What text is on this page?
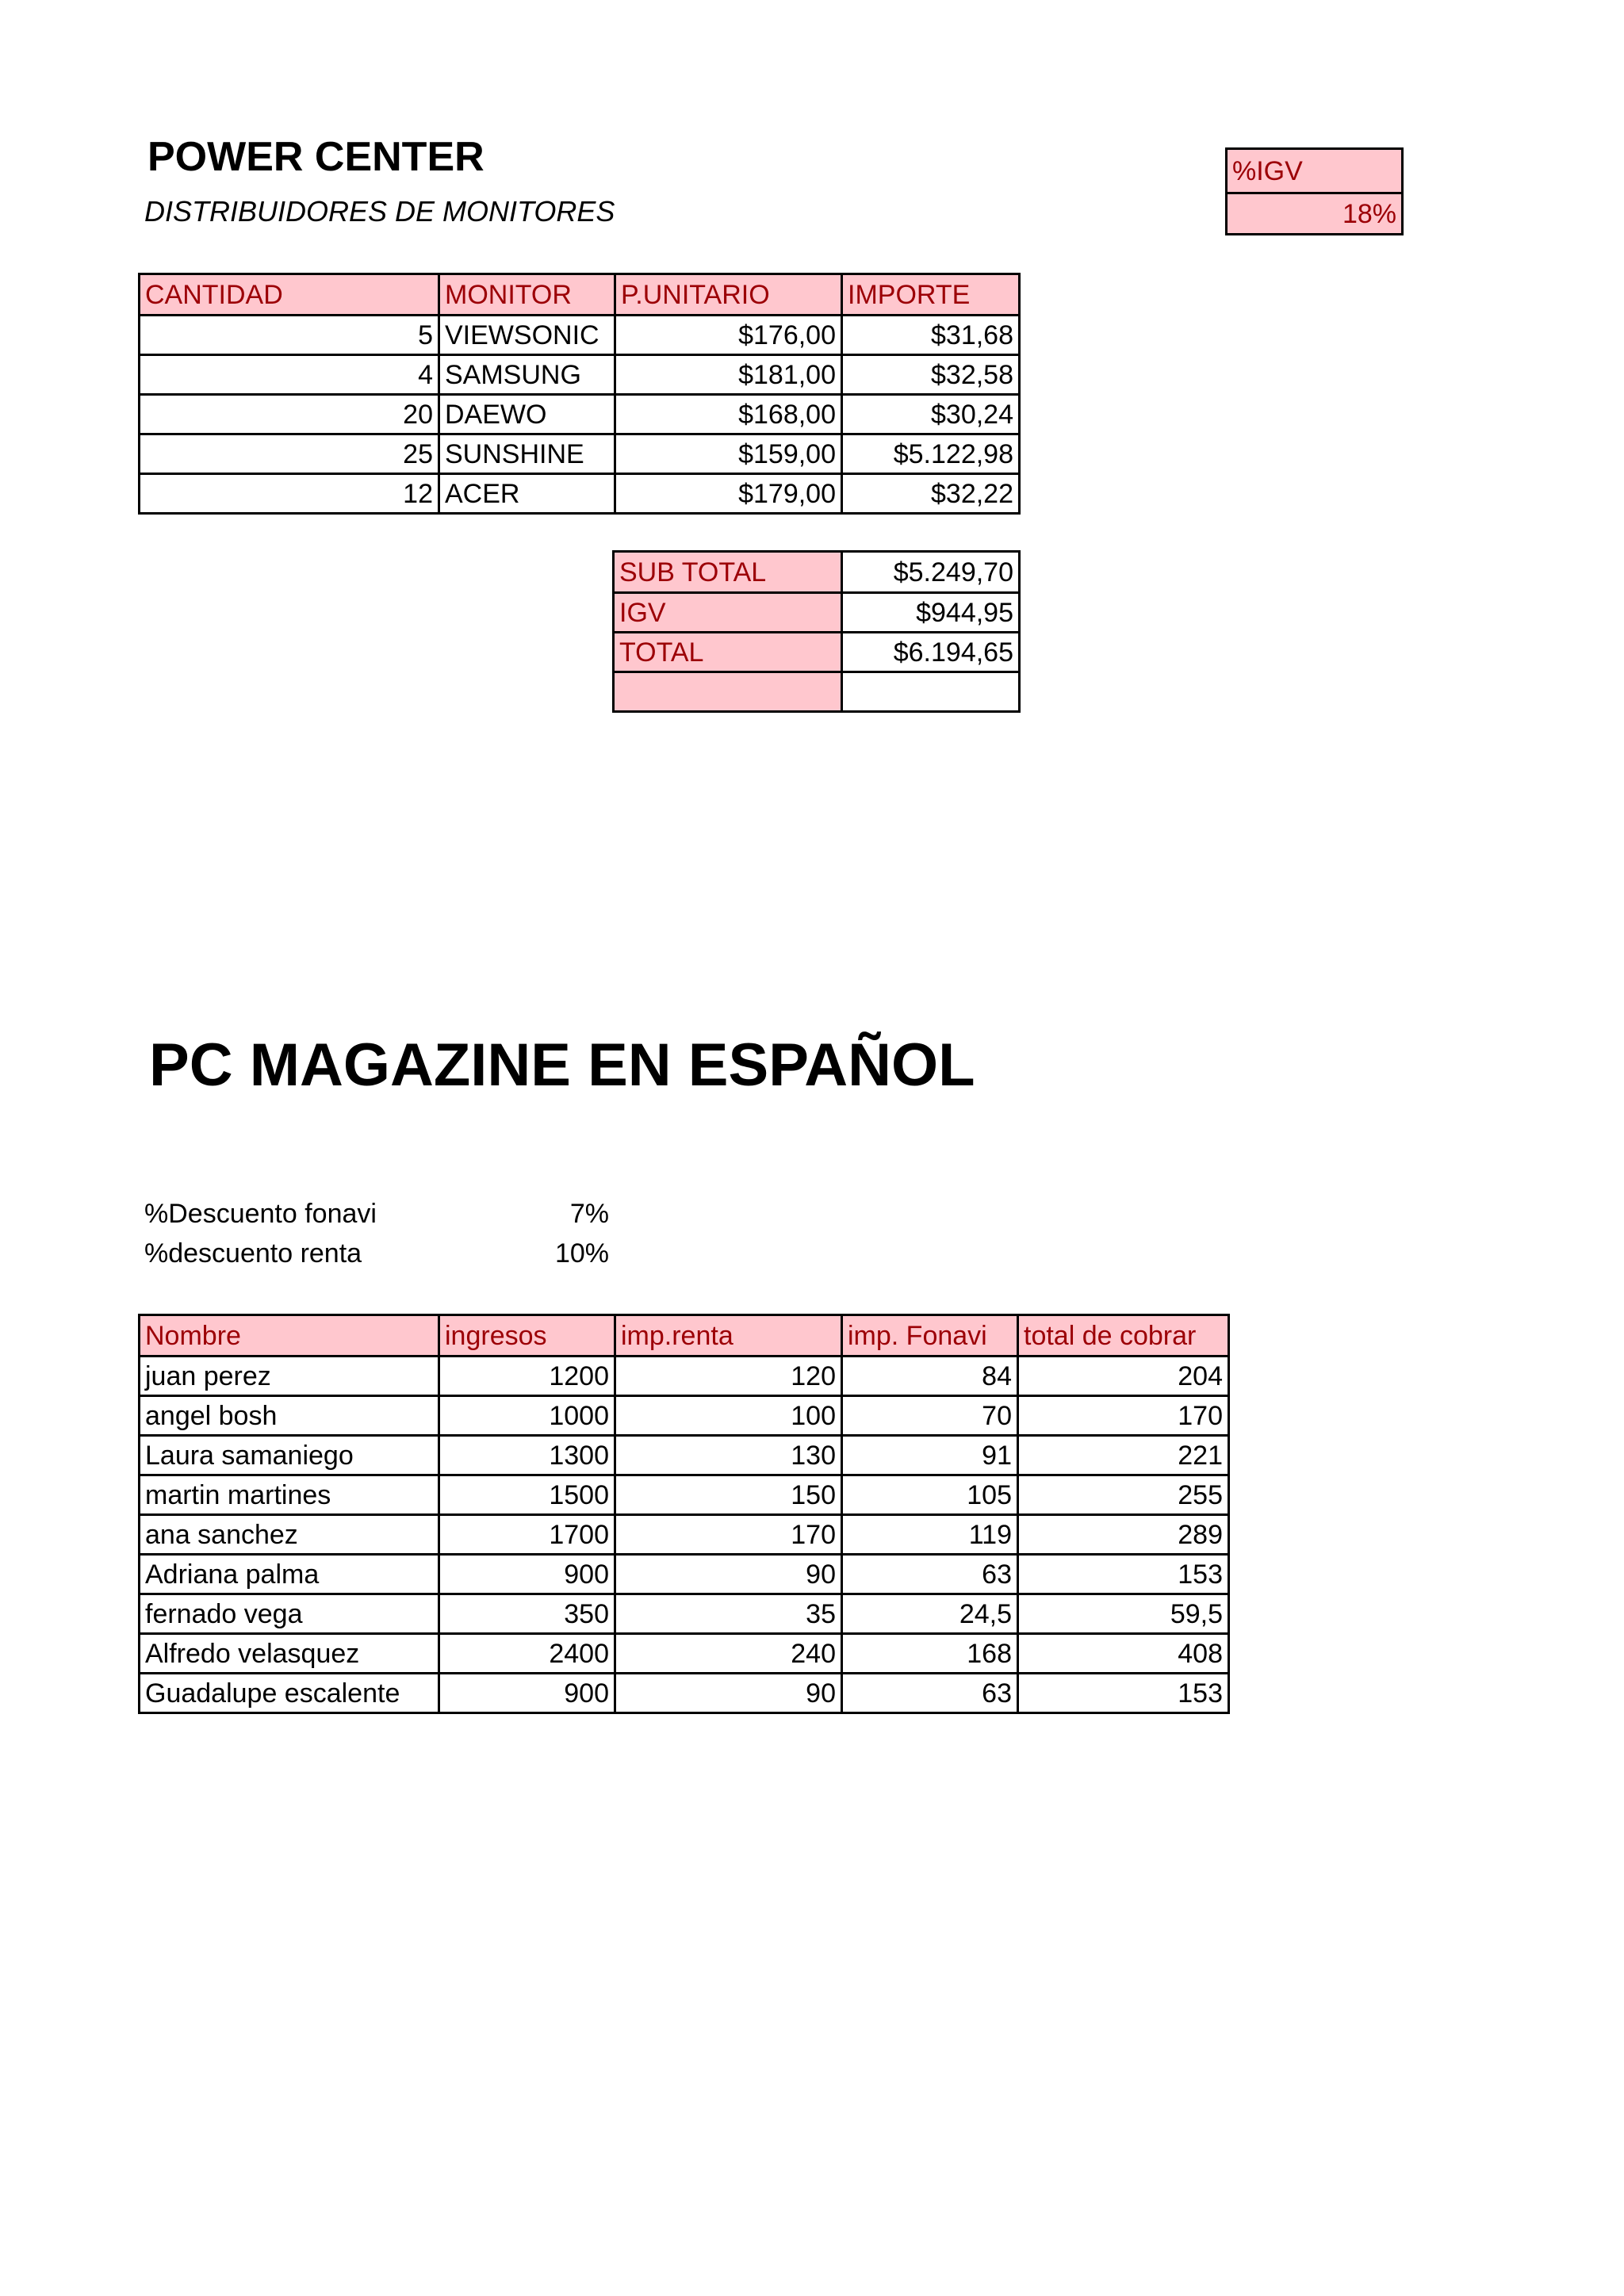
POWER CENTER
DISTRIBUIDORES DE MONITORES
%IGV
18%
CANTIDAD	MONITOR	P.UNITARIO	IMPORTE
5	VIEWSONIC	$176,00	$31,68
4	SAMSUNG	$181,00	$32,58
20	DAEWO	$168,00	$30,24
25	SUNSHINE	$159,00	$5.122,98
12	ACER	$179,00	$32,22
SUB TOTAL	$5.249,70
IGV	$944,95
TOTAL	$6.194,65

PC MAGAZINE EN ESPAÑOL
%Descuento fonavi	7%
%descuento renta	10%
Nombre	ingresos	imp.renta	imp. Fonavi	total de cobrar
juan perez	1200	120	84	204
angel bosh	1000	100	70	170
Laura samaniego	1300	130	91	221
martin martines	1500	150	105	255
ana sanchez	1700	170	119	289
Adriana palma	900	90	63	153
fernado vega	350	35	24,5	59,5
Alfredo velasquez	2400	240	168	408
Guadalupe escalente	900	90	63	153
